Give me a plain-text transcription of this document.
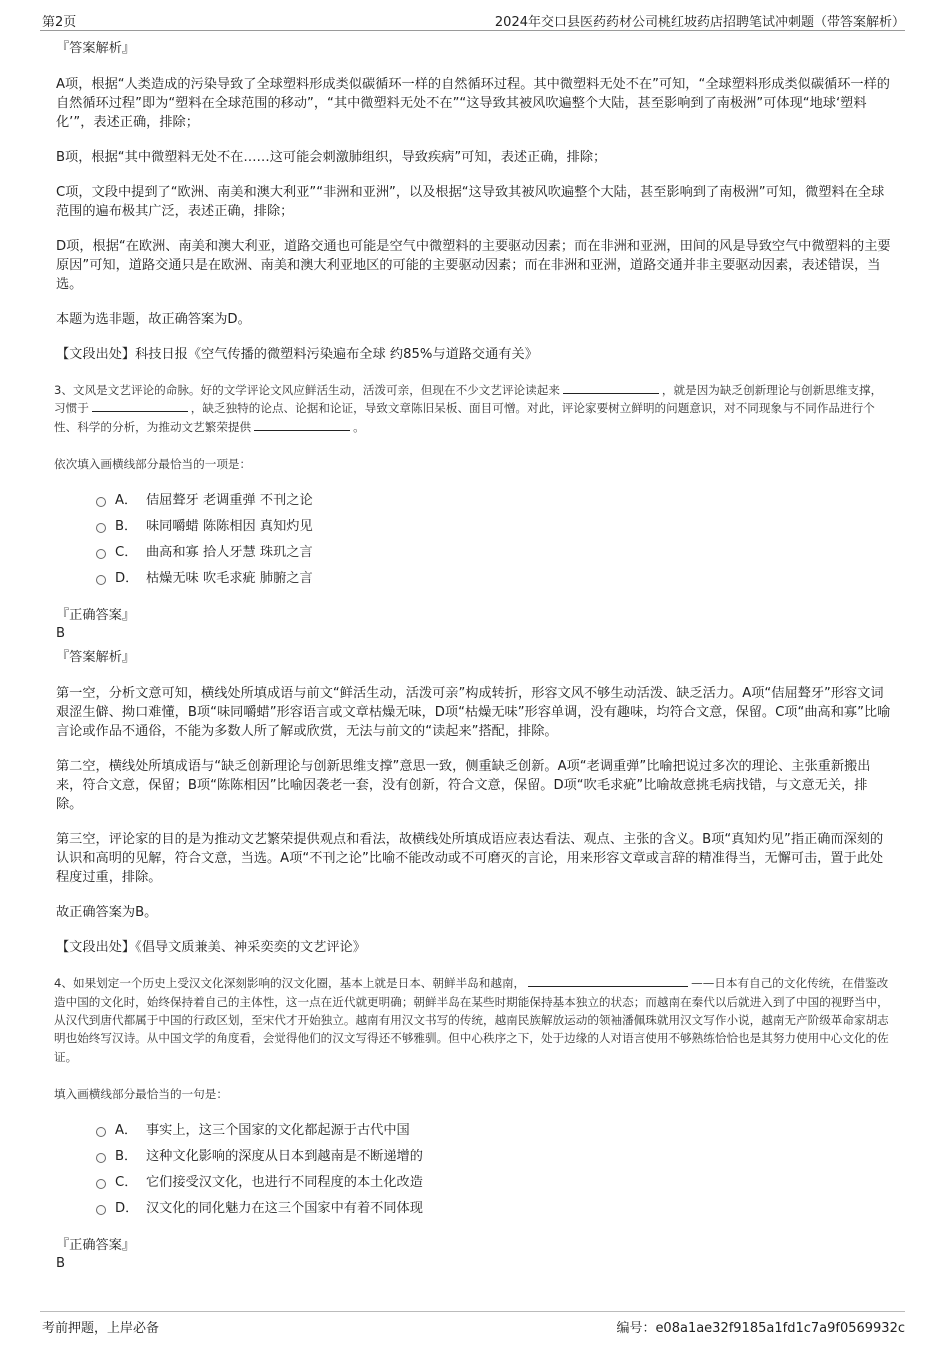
第2页	2024年交口县医药药材公司桃红坡药店招聘笔试冲刺题（带答案解析）
『答案解析』

A项，根据“人类造成的污染导致了全球塑料形成类似碳循环一样的自然循环过程。其中微塑料无处不在”可知，“全球塑料形成类似碳循环一样的自然循环过程”即为“塑料在全球范围的移动”，“其中微塑料无处不在”“这导致其被风吹遍整个大陆，甚至影响到了南极洲”可体现“地球‘塑料化’”，表述正确，排除；

B项，根据“其中微塑料无处不在……这可能会刺激肺组织，导致疾病”可知，表述正确，排除；

C项，文段中提到了“欧洲、南美和澳大利亚”“非洲和亚洲”，以及根据“这导致其被风吹遍整个大陆，甚至影响到了南极洲”可知，微塑料在全球范围的遍布极其广泛，表述正确，排除；

D项，根据“在欧洲、南美和澳大利亚，道路交通也可能是空气中微塑料的主要驱动因素；而在非洲和亚洲，田间的风是导致空气中微塑料的主要原因”可知，道路交通只是在欧洲、南美和澳大利亚地区的可能的主要驱动因素；而在非洲和亚洲，道路交通并非主要驱动因素，表述错误，当选。

本题为选非题，故正确答案为D。

【文段出处】科技日报《空气传播的微塑料污染遍布全球 约85%与道路交通有关》
3、文风是文艺评论的命脉。好的文学评论文风应鲜活生动，活泼可亲，但现在不少文艺评论读起来	，就是因为缺乏创新理论与创新思维支撑，习惯于	，缺乏独特的论点、论据和论证，导致文章陈旧呆板、面目可憎。对此，评论家要树立鲜明的问题意识，对不同现象与不同作品进行个性、科学的分析，为推动文艺繁荣提供	。
依次填入画横线部分最恰当的一项是：
A． 佶屈聱牙 老调重弹 不刊之论
B． 味同嚼蜡 陈陈相因 真知灼见
C． 曲高和寡 拾人牙慧 珠玑之言
D． 枯燥无味 吹毛求疵 肺腑之言
『正确答案』
B
『答案解析』

第一空，分析文意可知，横线处所填成语与前文“鲜活生动，活泼可亲”构成转折，形容文风不够生动活泼、缺乏活力。A项“佶屈聱牙”形容文词艰涩生僻、拗口难懂，B项“味同嚼蜡”形容语言或文章枯燥无味，D项“枯燥无味”形容单调，没有趣味，均符合文意，保留。C项“曲高和寡”比喻言论或作品不通俗，不能为多数人所了解或欣赏，无法与前文的“读起来”搭配，排除。

第二空，横线处所填成语与“缺乏创新理论与创新思维支撑”意思一致，侧重缺乏创新。A项“老调重弹”比喻把说过多次的理论、主张重新搬出来，符合文意，保留；B项“陈陈相因”比喻因袭老一套，没有创新，符合文意，保留。D项“吹毛求疵”比喻故意挑毛病找错，与文意无关，排除。

第三空，评论家的目的是为推动文艺繁荣提供观点和看法，故横线处所填成语应表达看法、观点、主张的含义。B项“真知灼见”指正确而深刻的认识和高明的见解，符合文意，当选。A项“不刊之论”比喻不能改动或不可磨灭的言论，用来形容文章或言辞的精准得当，无懈可击，置于此处程度过重，排除。

故正确答案为B。

【文段出处】《倡导文质兼美、神采奕奕的文艺评论》
4、如果划定一个历史上受汉文化深刻影响的汉文化圈，基本上就是日本、朝鲜半岛和越南，	——日本有自己的文化传统，在借鉴改造中国的文化时，始终保持着自己的主体性，这一点在近代就更明确；朝鲜半岛在某些时期能保持基本独立的状态；而越南在秦代以后就进入到了中国的视野当中，从汉代到唐代都属于中国的行政区划，至宋代才开始独立。越南有用汉文书写的传统，越南民族解放运动的领袖潘佩珠就用汉文写作小说，越南无产阶级革命家胡志明也始终写汉诗。从中国文学的角度看，会觉得他们的汉文写得还不够雅驯。但中心秩序之下，处于边缘的人对语言使用不够熟练恰恰也是其努力使用中心文化的佐证。
填入画横线部分最恰当的一句是：
A． 事实上，这三个国家的文化都起源于古代中国
B． 这种文化影响的深度从日本到越南是不断递增的
C． 它们接受汉文化，也进行不同程度的本土化改造
D． 汉文化的同化魅力在这三个国家中有着不同体现
『正确答案』
B
考前押题，上岸必备	编号：e08a1ae32f9185a1fd1c7a9f0569932c
